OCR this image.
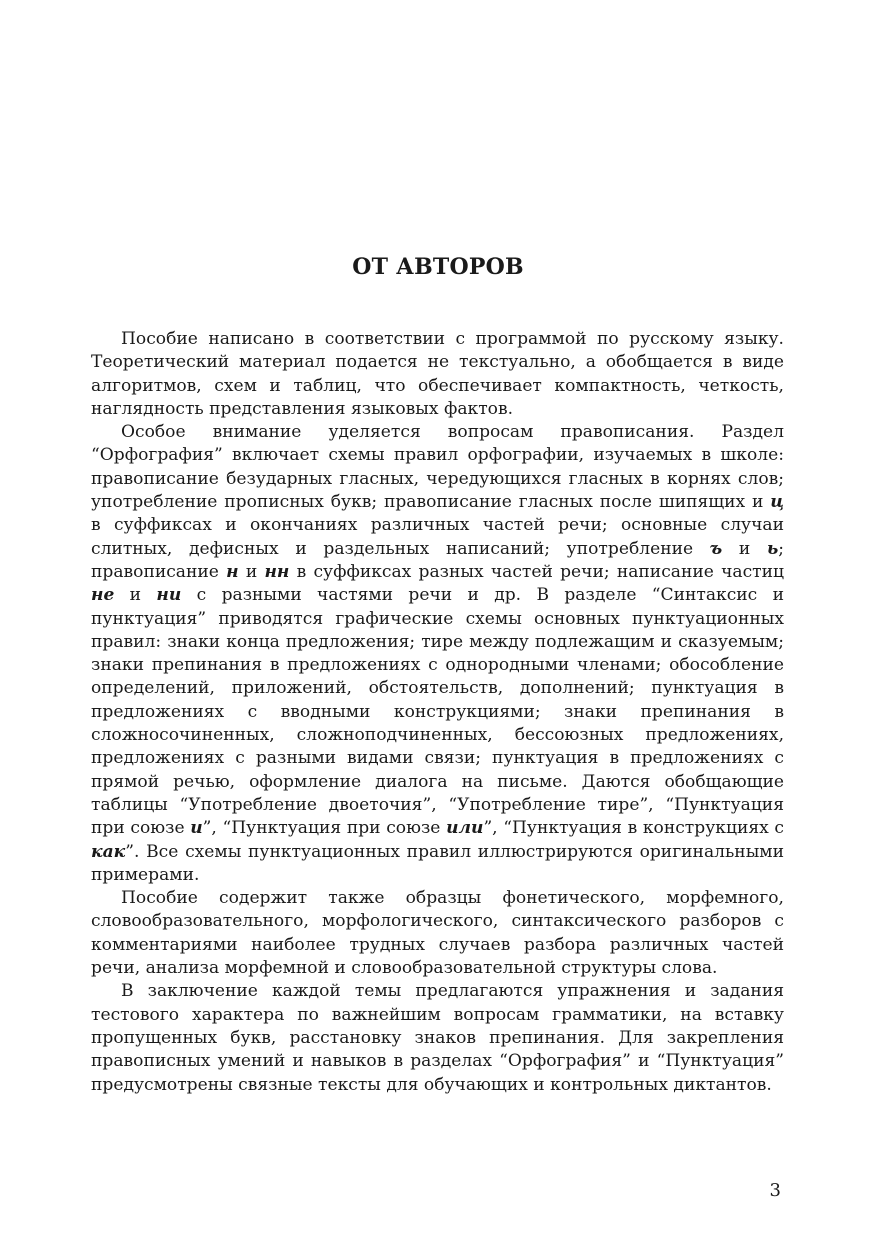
ОТ АВТОРОВ

Пособие написано в соответствии с программой по русскому языку. Теоретический материал подается не текстуально, а обобщается в виде алгоритмов, схем и таблиц, что обеспечивает компактность, четкость, наглядность представления языковых фактов.

Особое внимание уделяется вопросам правописания. Раздел “Орфография” включает схемы правил орфографии, изучаемых в школе: правописание безударных гласных, чередующихся гласных в корнях слов; употребление прописных букв; правописание гласных после шипящих и ц в суффиксах и окончаниях различных частей речи; основные случаи слитных, дефисных и раздельных написаний; употребление ъ и ь; правописание н и нн в суффиксах разных частей речи; написание частиц не и ни с разными частями речи и др. В разделе “Синтаксис и пунктуация” приводятся графические схемы основных пунктуационных правил: знаки конца предложения; тире между подлежащим и сказуемым; знаки препинания в предложениях с однородными членами; обособление определений, приложений, обстоятельств, дополнений; пунктуация в предложениях с вводными конструкциями; знаки препинания в сложносочиненных, сложноподчиненных, бессоюзных предложениях, предложениях с разными видами связи; пунктуация в предложениях с прямой речью, оформление диалога на письме. Даются обобщающие таблицы “Употребление двоеточия”, “Употребление тире”, “Пунктуация при союзе и”, “Пунктуация при союзе или”, “Пунктуация в конструкциях с как”. Все схемы пунктуационных правил иллюстрируются оригинальными примерами.

Пособие содержит также образцы фонетического, морфемного, словообразовательного, морфологического, синтаксического разборов с комментариями наиболее трудных случаев разбора различных частей речи, анализа морфемной и словообразовательной структуры слова.

В заключение каждой темы предлагаются упражнения и задания тестового характера по важнейшим вопросам грамматики, на вставку пропущенных букв, расстановку знаков препинания. Для закрепления правописных умений и навыков в разделах “Орфография” и “Пунктуация” предусмотрены связные тексты для обучающих и контрольных диктантов.

3
